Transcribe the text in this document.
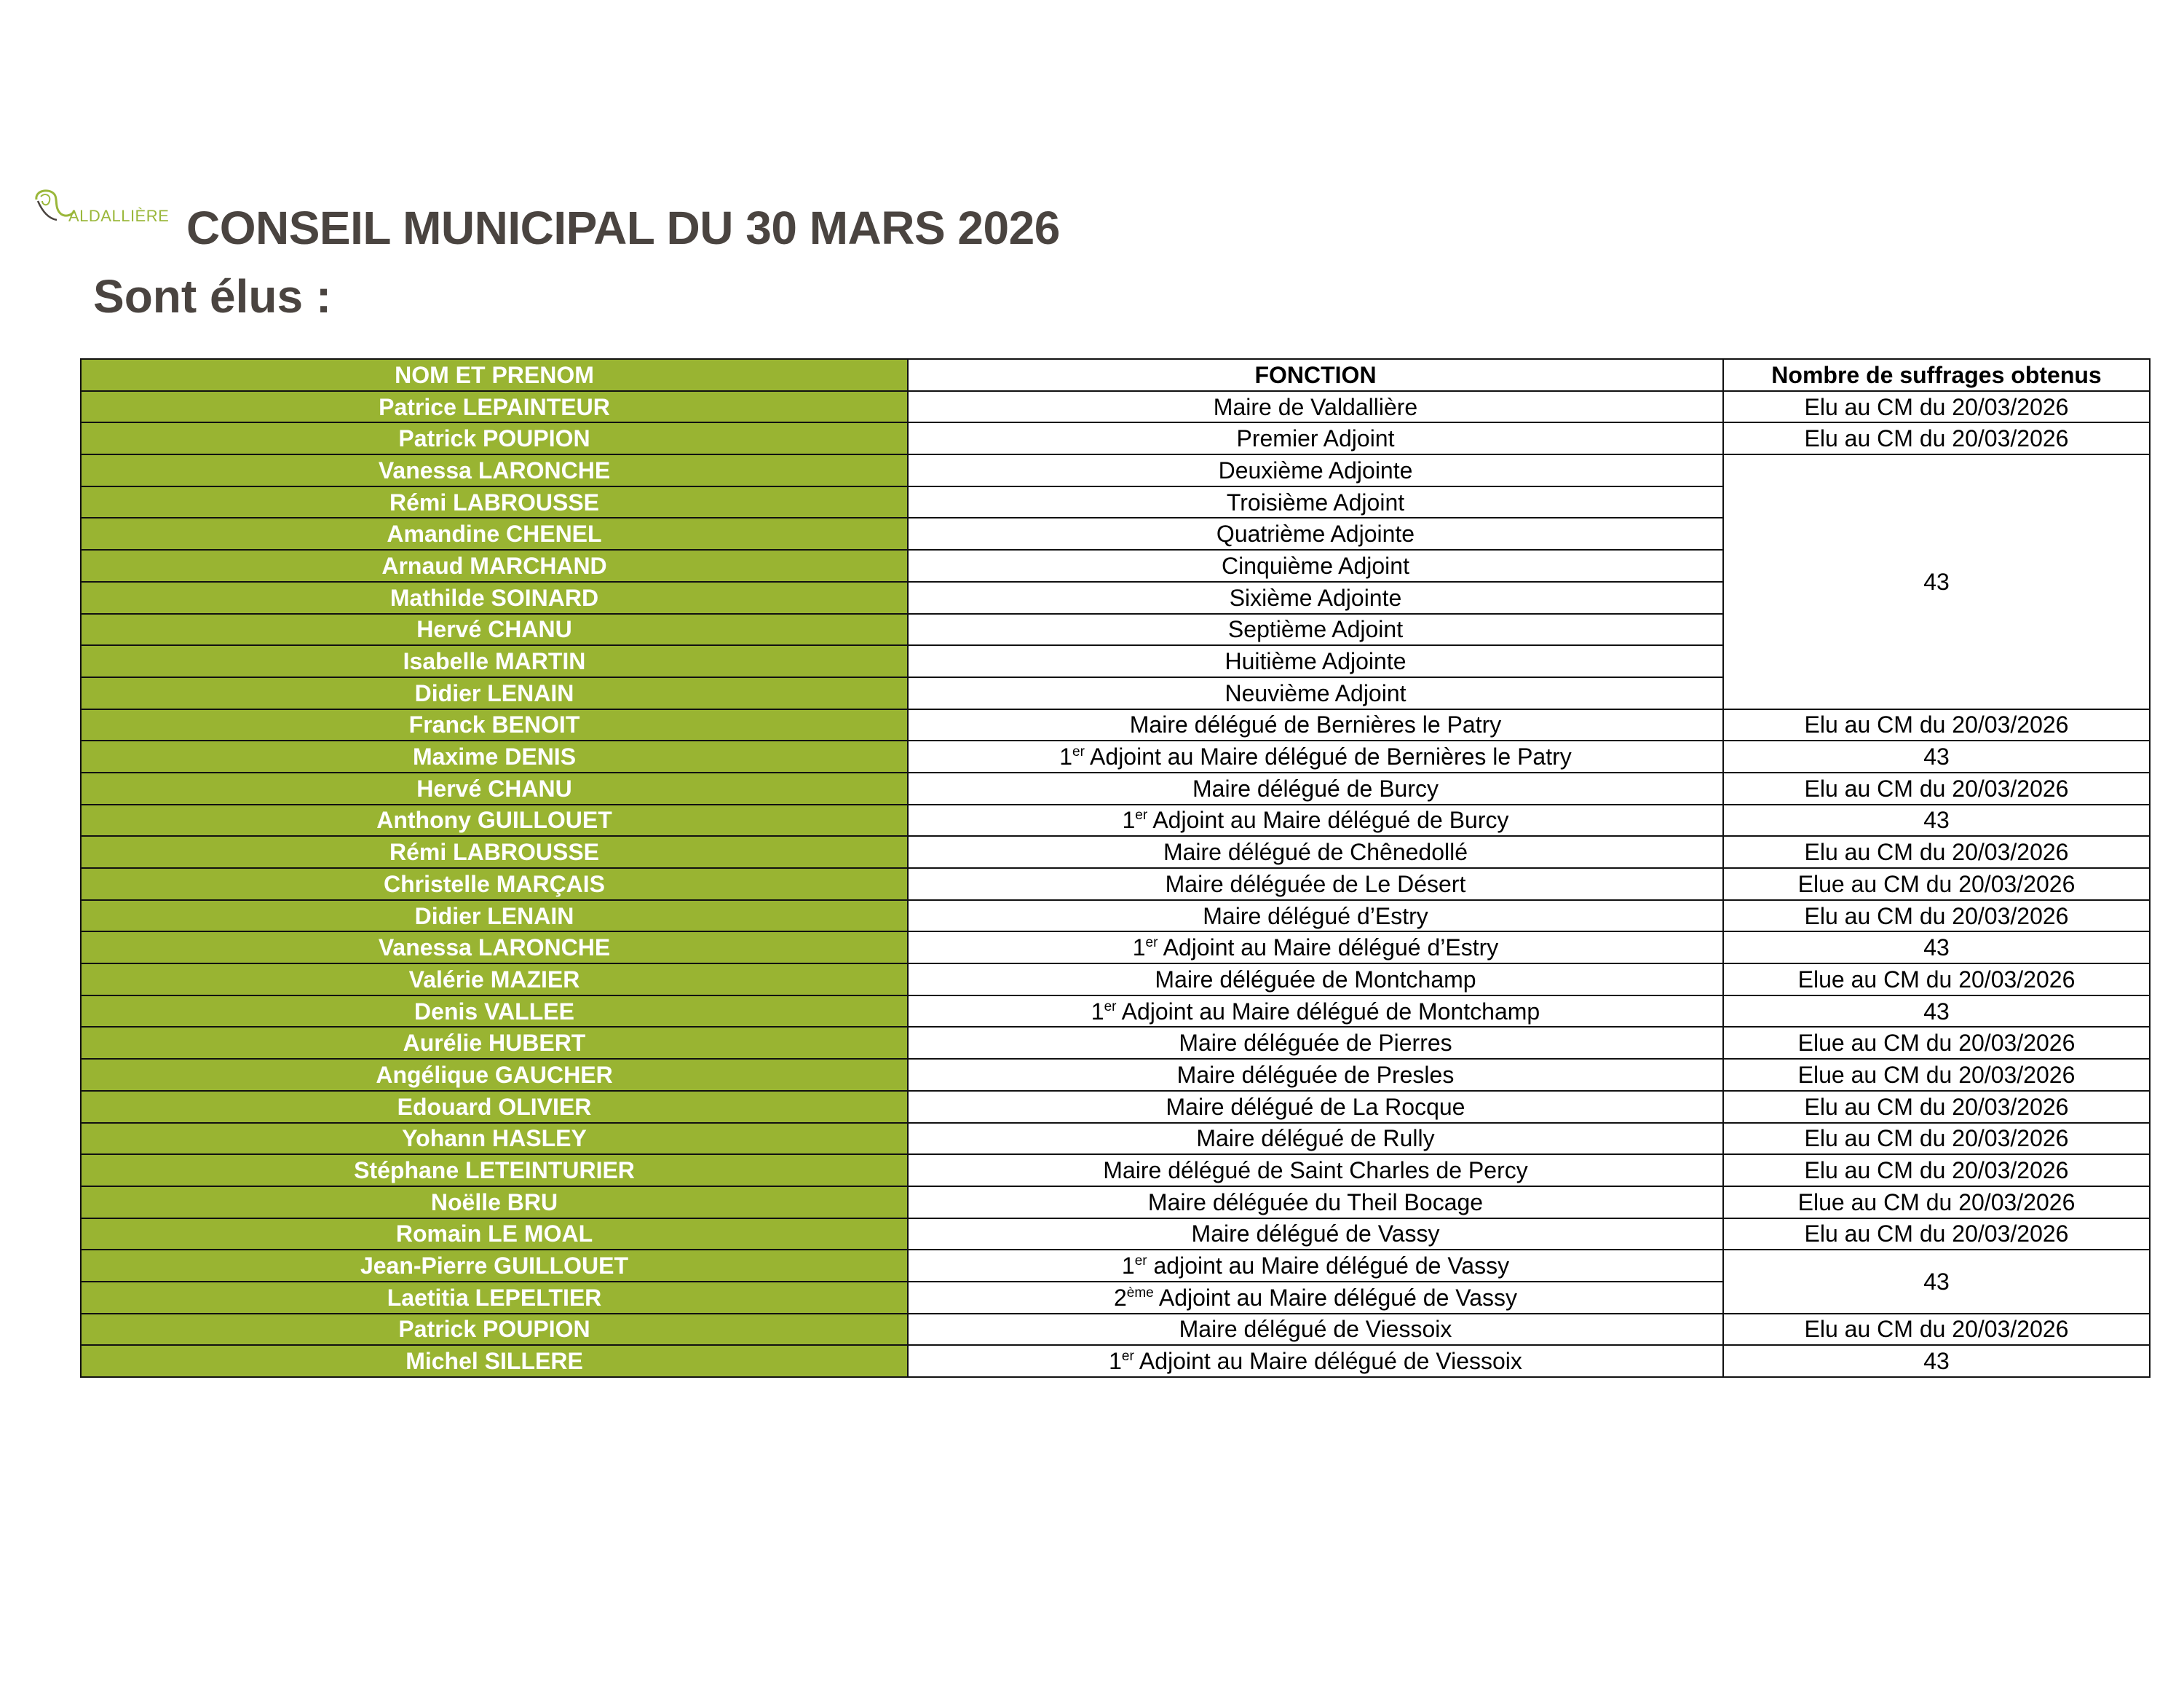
ALDALLIÈRE CONSEIL MUNICIPAL DU 30 MARS 2026
Sont élus :
NOM ET PRENOM	FONCTION	Nombre de suffrages obtenus
Patrice LEPAINTEUR	Maire de Valdallière	Elu au CM du 20/03/2026
Patrick POUPION	Premier Adjoint	Elu au CM du 20/03/2026
Vanessa LARONCHE	Deuxième Adjointe	43
Rémi LABROUSSE	Troisième Adjoint	
Amandine CHENEL	Quatrième Adjointe	
Arnaud MARCHAND	Cinquième Adjoint	
Mathilde SOINARD	Sixième Adjointe	
Hervé CHANU	Septième Adjoint	
Isabelle MARTIN	Huitième Adjointe	
Didier LENAIN	Neuvième Adjoint	
Franck BENOIT	Maire délégué de Bernières le Patry	Elu au CM du 20/03/2026
Maxime DENIS	1er Adjoint au Maire délégué de Bernières le Patry	43
Hervé CHANU	Maire délégué de Burcy	Elu au CM du 20/03/2026
Anthony GUILLOUET	1er Adjoint au Maire délégué de Burcy	43
Rémi LABROUSSE	Maire délégué de Chênedollé	Elu au CM du 20/03/2026
Christelle MARÇAIS	Maire déléguée de Le Désert	Elue au CM du 20/03/2026
Didier LENAIN	Maire délégué d’Estry	Elu au CM du 20/03/2026
Vanessa LARONCHE	1er Adjoint au Maire délégué d’Estry	43
Valérie MAZIER	Maire déléguée de Montchamp	Elue au CM du 20/03/2026
Denis VALLEE	1er Adjoint au Maire délégué de Montchamp	43
Aurélie HUBERT	Maire déléguée de Pierres	Elue au CM du 20/03/2026
Angélique GAUCHER	Maire déléguée de Presles	Elue au CM du 20/03/2026
Edouard OLIVIER	Maire délégué de La Rocque	Elu au CM du 20/03/2026
Yohann HASLEY	Maire délégué de Rully	Elu au CM du 20/03/2026
Stéphane LETEINTURIER	Maire délégué de Saint Charles de Percy	Elu au CM du 20/03/2026
Noëlle BRU	Maire déléguée du Theil Bocage	Elue au CM du 20/03/2026
Romain LE MOAL	Maire délégué de Vassy	Elu au CM du 20/03/2026
Jean-Pierre GUILLOUET	1er adjoint au Maire délégué de Vassy	43
Laetitia LEPELTIER	2ème Adjoint au Maire délégué de Vassy	
Patrick POUPION	Maire délégué de Viessoix	Elu au CM du 20/03/2026
Michel SILLERE	1er Adjoint au Maire délégué de Viessoix	43
